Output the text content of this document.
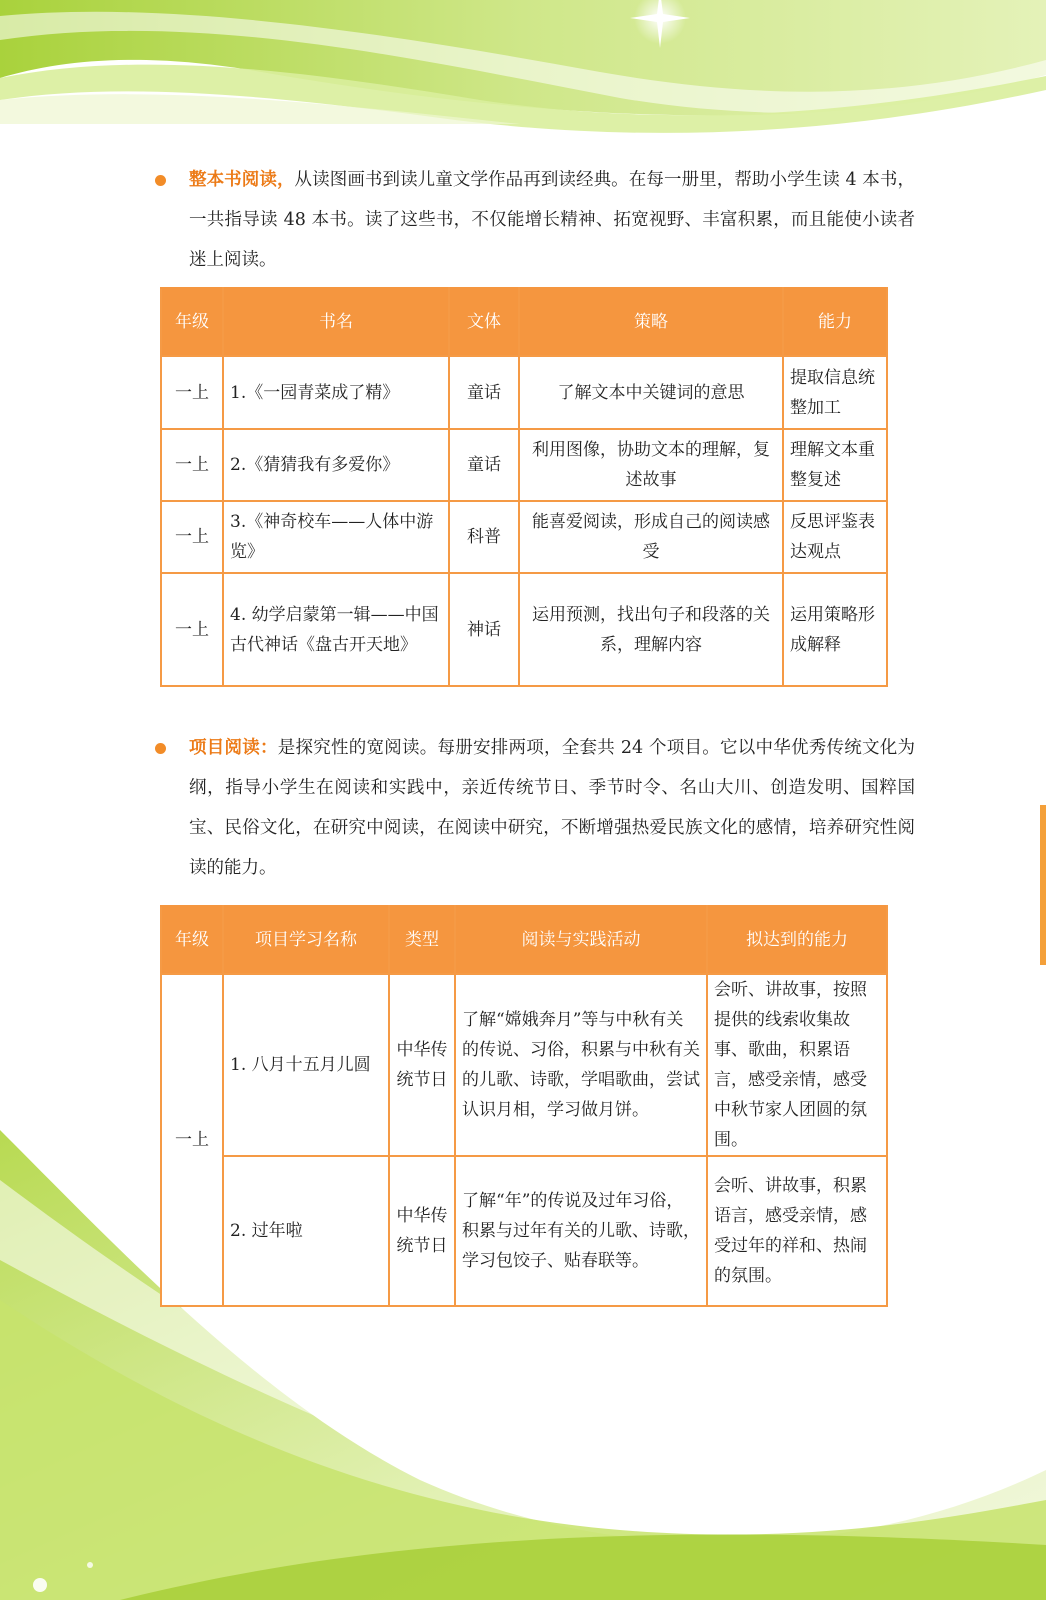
整本书阅读，从读图画书到读儿童文学作品再到读经典。在每一册里，帮助小学生读 4 本书，一共指导读 48 本书。读了这些书，不仅能增长精神、拓宽视野、丰富积累，而且能使小读者迷上阅读。
年级	书名	文体	策略	能力
一上	1.《一园青菜成了精》	童话	了解文本中关键词的意思	提取信息统整加工
一上	2.《猜猜我有多爱你》	童话	利用图像，协助文本的理解，复述故事	理解文本重整复述
一上	3.《神奇校车——人体中游览》	科普	能喜爱阅读，形成自己的阅读感受	反思评鉴表达观点
一上	4. 幼学启蒙第一辑——中国古代神话《盘古开天地》	神话	运用预测，找出句子和段落的关系，理解内容	运用策略形成解释
项目阅读：是探究性的宽阅读。每册安排两项，全套共 24 个项目。它以中华优秀传统文化为纲，指导小学生在阅读和实践中，亲近传统节日、季节时令、名山大川、创造发明、国粹国宝、民俗文化，在研究中阅读，在阅读中研究，不断增强热爱民族文化的感情，培养研究性阅读的能力。
年级	项目学习名称	类型	阅读与实践活动	拟达到的能力
一上	1. 八月十五月儿圆	中华传统节日	了解“嫦娥奔月”等与中秋有关的传说、习俗，积累与中秋有关的儿歌、诗歌，学唱歌曲，尝试认识月相，学习做月饼。	会听、讲故事，按照提供的线索收集故事、歌曲，积累语言，感受亲情，感受中秋节家人团圆的氛围。
	2. 过年啦	中华传统节日	了解“年”的传说及过年习俗，积累与过年有关的儿歌、诗歌，学习包饺子、贴春联等。	会听、讲故事，积累语言，感受亲情，感受过年的祥和、热闹的氛围。
